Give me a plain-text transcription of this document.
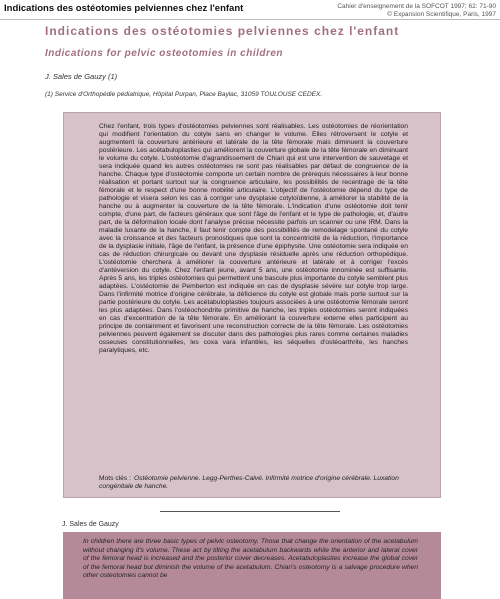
Indications des ostéotomies pelviennes chez l'enfant	Cahier d'enseignement de la SOFCOT 1997; 62: 71-90
© Expansion Scientifique, Paris, 1997
Indications des ostéotomies pelviennes chez l'enfant
Indications for pelvic osteotomies in children
J. Sales de Gauzy (1)
(1) Service d'Orthopédie pédiatrique, Hôpital Purpan, Place Baylac, 31059 TOULOUSE CEDEX.
Chez l'enfant, trois types d'ostéotomies pelviennes sont réalisables. Les ostéotomies de réorientation qui modifient l'orientation du cotyle sans en changer le volume. Elles rétroversent le cotyle et augmentent la couverture antérieure et latérale de la tête fémorale mais diminuent la couverture postérieure. Les acétabuloplasties qui améliorent la couverture globale de la tête fémorale en diminuant le volume du cotyle. L'ostéotomie d'agrandissement de Chiari qui est une intervention de sauvetage et sera indiquée quand les autres ostéotomies ne sont pas réalisables par défaut de congruence de la hanche. Chaque type d'ostéotomie comporte un certain nombre de prérequis nécessaires à leur bonne réalisation et portant surtout sur la congruence articulaire, les possibilités de recentrage de la tête fémorale et le respect d'une bonne mobilité articulaire. L'objectif de l'ostéotomie dépend du type de pathologie et visera selon les cas à corriger une dysplasie cotyloïdienne, à améliorer la stabilité de la hanche ou à augmenter la couverture de la tête fémorale. L'indication d'une ostéotomie doit tenir compte, d'une part, de facteurs généraux que sont l'âge de l'enfant et le type de pathologie, et, d'autre part, de la déformation locale dont l'analyse précise nécessite parfois un scanner ou une IRM. Dans la maladie luxante de la hanche, il faut tenir compte des possibilités de remodelage spontané du cotyle avec la croissance et des facteurs pronostiques que sont la concentricité de la réduction, l'importance de la dysplasie initiale, l'âge de l'enfant, la présence d'une épiphysite. Une ostéotomie sera indiquée en cas de réduction chirurgicale ou devant une dysplasie résiduelle après une réduction orthopédique. L'ostéotomie cherchera à améliorer la couverture antérieure et latérale et à corriger l'excès d'antéversion du cotyle. Chez l'enfant jeune, avant 5 ans, une ostéotomie innominée est suffisante. Après 5 ans, les triples ostéotomies qui permettent une bascule plus importante du cotyle semblent plus adaptées. L'ostéotomie de Pemberton est indiquée en cas de dysplasie sévère sur cotyle trop large. Dans l'infirmité motrice d'origine cérébrale, la déficience du cotyle est globale mais porte surtout sur la partie postérieure du cotyle. Les acétabuloplasties toujours associées à une ostéotomie fémorale seront les plus adaptées. Dans l'ostéochondrite primitive de hanche, les triples ostéotomies seront indiquées en cas d'excentration de la tête fémorale. En améliorant la couverture externe elles participent au principe de containment et favorisent une reconstruction correcte de la tête fémorale. Les ostéotomies pelviennes peuvent également se discuter dans des pathologies plus rares comme certaines maladies osseuses constitutionnelles, les coxa vara infantiles, les séquelles d'ostéoarthrite, les hanches paralytiques, etc.
Mots clés : Ostéotomie pelvienne. Legg-Perthes-Calvé. Infirmité motrice d'origine cérébrale. Luxation congénitale de hanche.
J. Sales de Gauzy
In children there are three basic types of pelvic osteotomy. Those that change the orientation of the acetabulum without changing it's volume. These act by tilting the acetabulum backwards while the anterior and lateral cover of the femoral head is increased and the posterior cover decreases. Acetabuloplasties increase the global cover of the femoral head but diminish the volume of the acetabulum. Chiari's osteotomy is a salvage procedure when other osteotomies cannot be
